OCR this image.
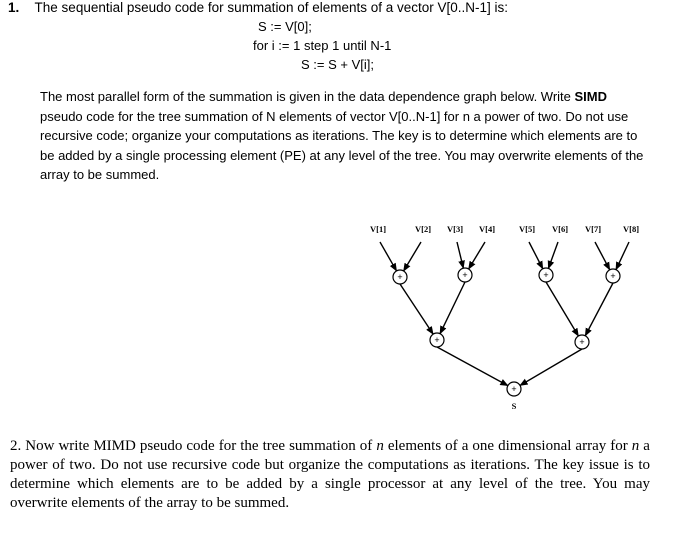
1. The sequential pseudo code for summation of elements of a vector V[0..N-1] is:
S := V[0];
for i := 1 step 1 until N-1
S := S + V[i];
The most parallel form of the summation is given in the data dependence graph below. Write SIMD pseudo code for the tree summation of N elements of vector V[0..N-1] for n a power of two. Do not use recursive code; organize your computations as iterations. The key is to determine which elements are to be added by a single processing element (PE) at any level of the tree. You may overwrite elements of the array to be summed.
V[1]	V[2] V[3] V[4]	V[5] V[6] V[7]	V[8]
+	+	+	+
+	+
+
S
2. Now write MIMD pseudo code for the tree summation of n elements of a one dimensional array for n a power of two. Do not use recursive code but organize the computations as iterations. The key issue is to determine which elements are to be added by a single processor at any level of the tree. You may overwrite elements of the array to be summed.
